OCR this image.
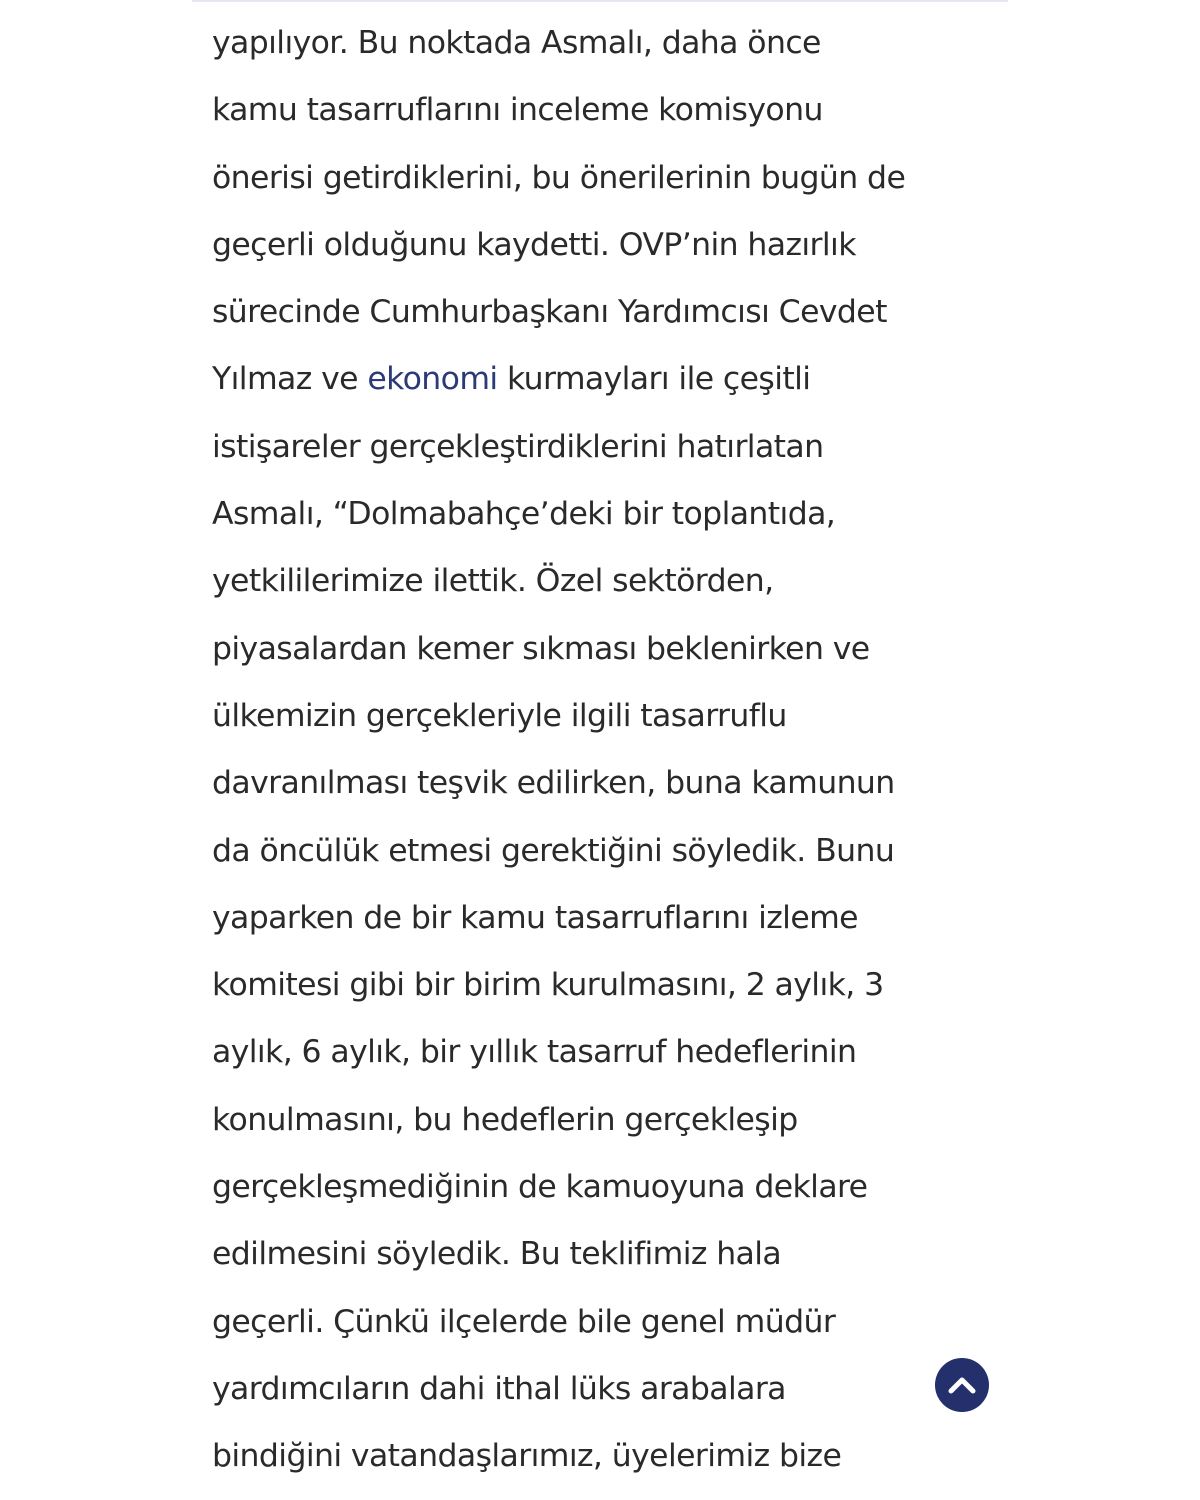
yapılıyor. Bu noktada Asmalı, daha önce
kamu tasarruflarını inceleme komisyonu
önerisi getirdiklerini, bu önerilerinin bugün de
geçerli olduğunu kaydetti. OVP’nin hazırlık
sürecinde Cumhurbaşkanı Yardımcısı Cevdet
Yılmaz ve ekonomi kurmayları ile çeşitli
istişareler gerçekleştirdiklerini hatırlatan
Asmalı, “Dolmabahçe’deki bir toplantıda,
yetkililerimize ilettik. Özel sektörden,
piyasalardan kemer sıkması beklenirken ve
ülkemizin gerçekleriyle ilgili tasarruflu
davranılması teşvik edilirken, buna kamunun
da öncülük etmesi gerektiğini söyledik. Bunu
yaparken de bir kamu tasarruflarını izleme
komitesi gibi bir birim kurulmasını, 2 aylık, 3
aylık, 6 aylık, bir yıllık tasarruf hedeflerinin
konulmasını, bu hedeflerin gerçekleşip
gerçekleşmediğinin de kamuoyuna deklare
edilmesini söyledik. Bu teklifimiz hala
geçerli. Çünkü ilçelerde bile genel müdür
yardımcıların dahi ithal lüks arabalara
bindiğini vatandaşlarımız, üyelerimiz bize
